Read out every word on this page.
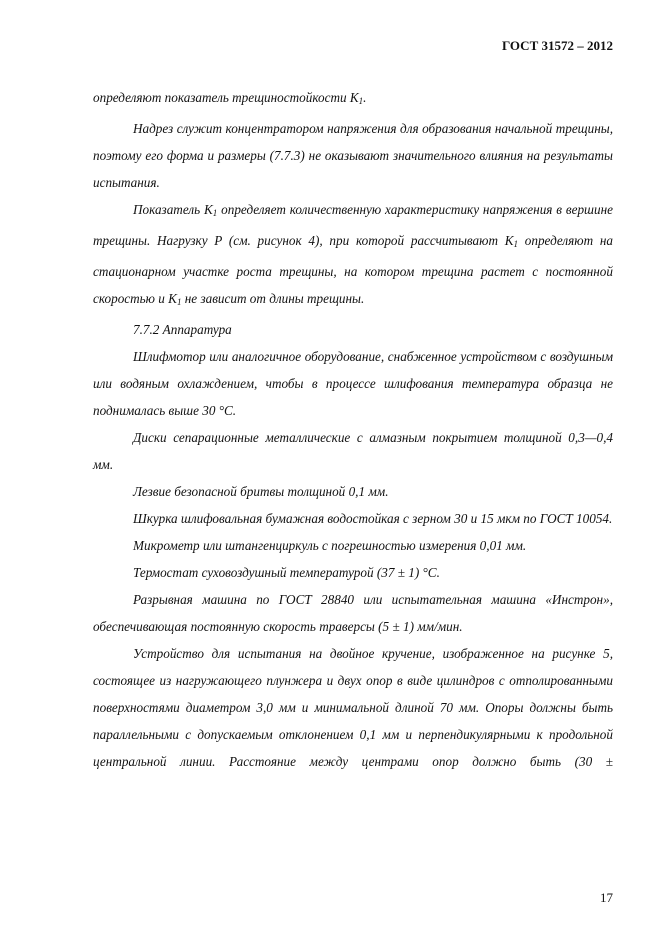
ГОСТ 31572 – 2012

определяют показатель трещиностойкости $K_1$.

Надрез служит концентратором напряжения для образования начальной трещины, поэтому его форма и размеры (7.7.3) не оказывают значительного влияния на результаты испытания.

Показатель $K_1$ определяет количественную характеристику напряжения в вершине трещины. Нагрузку P (см. рисунок 4), при которой рассчитывают $K_1$ определяют на стационарном участке роста трещины, на котором трещина растет с постоянной скоростью и $K_1$ не зависит от длины трещины.

7.7.2 Аппаратура

Шлифмотор или аналогичное оборудование, снабженное устройством с воздушным или водяным охлаждением, чтобы в процессе шлифования температура образца не поднималась выше 30 °С.

Диски сепарационные металлические с алмазным покрытием толщиной 0,3—0,4 мм.

Лезвие безопасной бритвы толщиной 0,1 мм.

Шкурка шлифовальная бумажная водостойкая с зерном 30 и 15 мкм по ГОСТ 10054.

Микрометр или штангенциркуль с погрешностью измерения 0,01 мм.

Термостат суховоздушный температурой (37 ± 1) °С.

Разрывная машина по ГОСТ 28840 или испытательная машина «Инстрон», обеспечивающая постоянную скорость траверсы (5 ± 1) мм/мин.

Устройство для испытания на двойное кручение, изображенное на рисунке 5, состоящее из нагружающего плунжера и двух опор в виде цилиндров с отполированными поверхностями диаметром 3,0 мм и минимальной длиной 70 мм. Опоры должны быть параллельными с допускаемым отклонением 0,1 мм и перпендикулярными к продольной центральной линии. Расстояние между центрами опор должно быть (30 ±

17
